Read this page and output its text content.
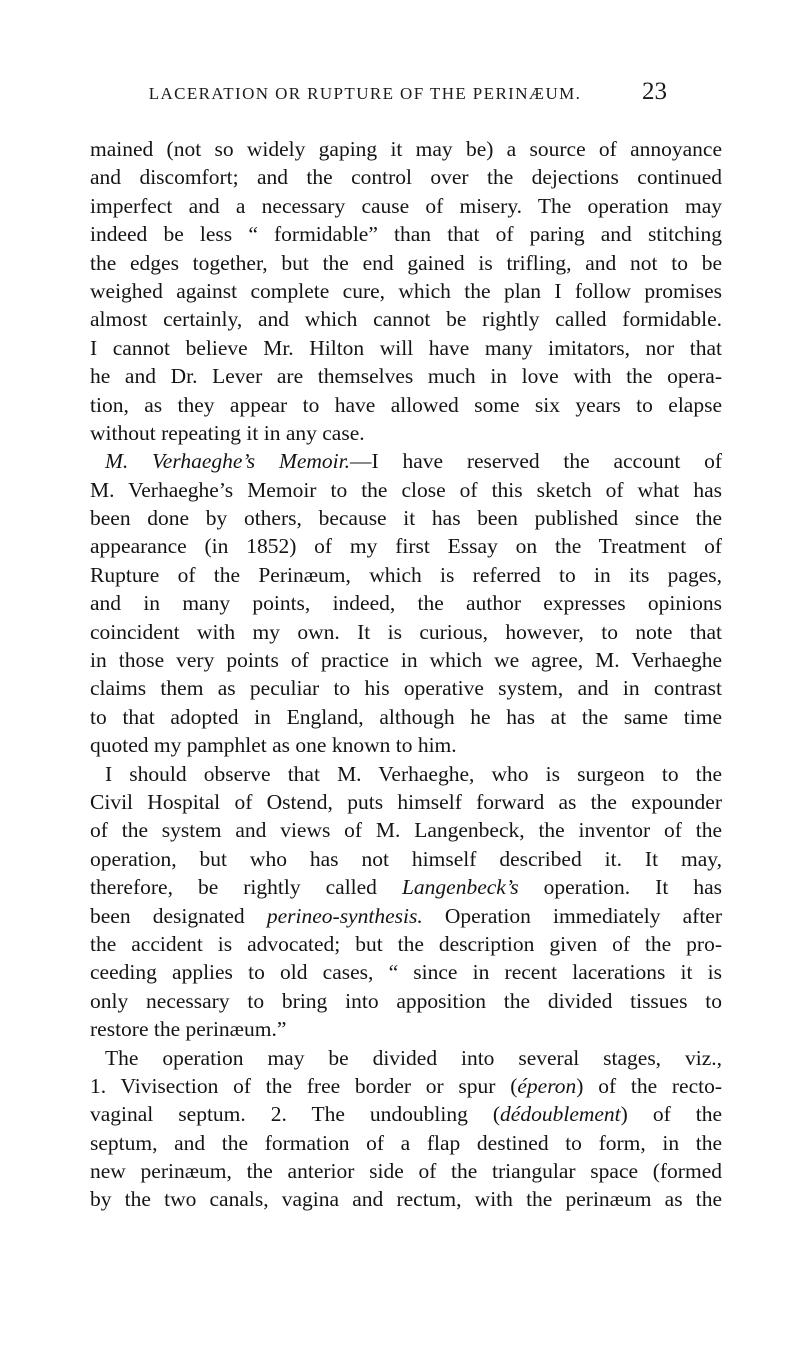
LACERATION OR RUPTURE OF THE PERINÆUM.	23
mained (not so widely gaping it may be) a source of annoyance
and discomfort; and the control over the dejections continued
imperfect and a necessary cause of misery. The operation may
indeed be less “ formidable” than that of paring and stitching
the edges together, but the end gained is trifling, and not to be
weighed against complete cure, which the plan I follow promises
almost certainly, and which cannot be rightly called formidable.
I cannot believe Mr. Hilton will have many imitators, nor that
he and Dr. Lever are themselves much in love with the opera-
tion, as they appear to have allowed some six years to elapse
without repeating it in any case.
M. Verhaeghe’s Memoir.—I have reserved the account of
M. Verhaeghe’s Memoir to the close of this sketch of what has
been done by others, because it has been published since the
appearance (in 1852) of my first Essay on the Treatment of
Rupture of the Perinæum, which is referred to in its pages,
and in many points, indeed, the author expresses opinions
coincident with my own. It is curious, however, to note that
in those very points of practice in which we agree, M. Verhaeghe
claims them as peculiar to his operative system, and in contrast
to that adopted in England, although he has at the same time
quoted my pamphlet as one known to him.
I should observe that M. Verhaeghe, who is surgeon to the
Civil Hospital of Ostend, puts himself forward as the expounder
of the system and views of M. Langenbeck, the inventor of the
operation, but who has not himself described it. It may,
therefore, be rightly called Langenbeck’s operation. It has
been designated perineo-synthesis. Operation immediately after
the accident is advocated; but the description given of the pro-
ceeding applies to old cases, “ since in recent lacerations it is
only necessary to bring into apposition the divided tissues to
restore the perinæum.”
The operation may be divided into several stages, viz.,
1. Vivisection of the free border or spur (éperon) of the recto-
vaginal septum. 2. The undoubling (dédoublement) of the
septum, and the formation of a flap destined to form, in the
new perinæum, the anterior side of the triangular space (formed
by the two canals, vagina and rectum, with the perinæum as the
